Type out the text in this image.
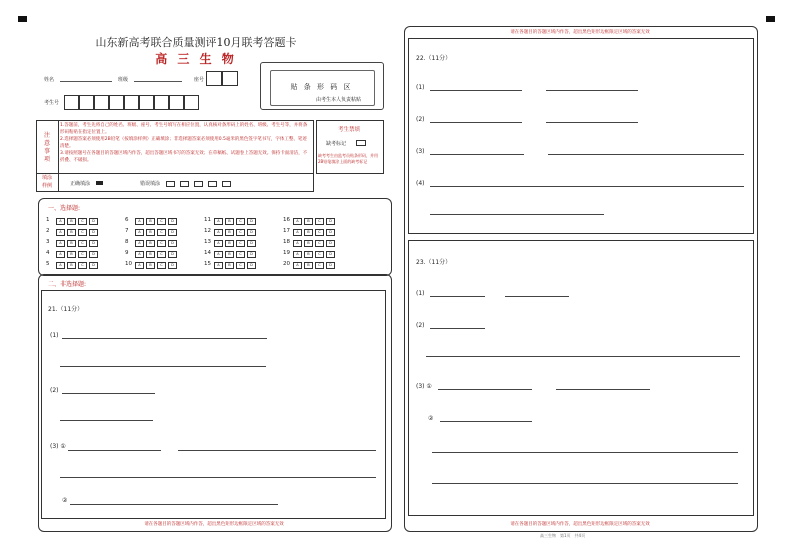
山东新高考联合质量测评10月联考答题卡
高 三 生 物
姓名	班级	座号
考生号
贴 条 形 码 区
由考生本人负责粘贴
注意事项
1.答题前，考生先将自己的姓名、班级、座号、考生号填写在相应位置，认真核对条形码上的姓名、班级、考生号等，并将条形码粘贴在指定位置上。
2.选择题答案必须使用2B铅笔（按填涂样例）正确填涂；非选择题答案必须使用0.5毫米的黑色签字笔书写，字体工整、笔迹清楚。
3.请按照题号在各题目的答题区域内作答，超出答题区域书写的答案无效；在草稿纸、试题卷上答题无效。保持卡面清洁，不折叠、不破损。
考生禁填
缺考标记
缺考考生由监考员贴条形码，并用2B铅笔填涂上面的缺考标记
填涂样例	正确填涂	错误填涂
一、选择题:
1	A	B	C	D
2	A	B	C	D
3	A	B	C	D
4	A	B	C	D
5	A	B	C	D
6	A	B	C	D
7	A	B	C	D
8	A	B	C	D
9	A	B	C	D
10	A	B	C	D
11	A	B	C	D
12	A	B	C	D
13	A	B	C	D
14	A	B	C	D
15	A	B	C	D
16	A	B	C	D
17	A	B	C	D
18	A	B	C	D
19	A	B	C	D
20	A	B	C	D
二、非选择题:
21.（11分）
(1)
(2)
(3) ①
②
请在各题目的答题区域内作答，超出黑色矩形边框限定区域的答案无效
请在各题目的答题区域内作答，超出黑色矩形边框限定区域的答案无效
22.（11分）
(1)
(2)
(3)
(4)
23.（11分）
(1)
(2)
(3) ①
②
请在各题目的答题区域内作答，超出黑色矩形边框限定区域的答案无效
高三生物　第1页　共4页
